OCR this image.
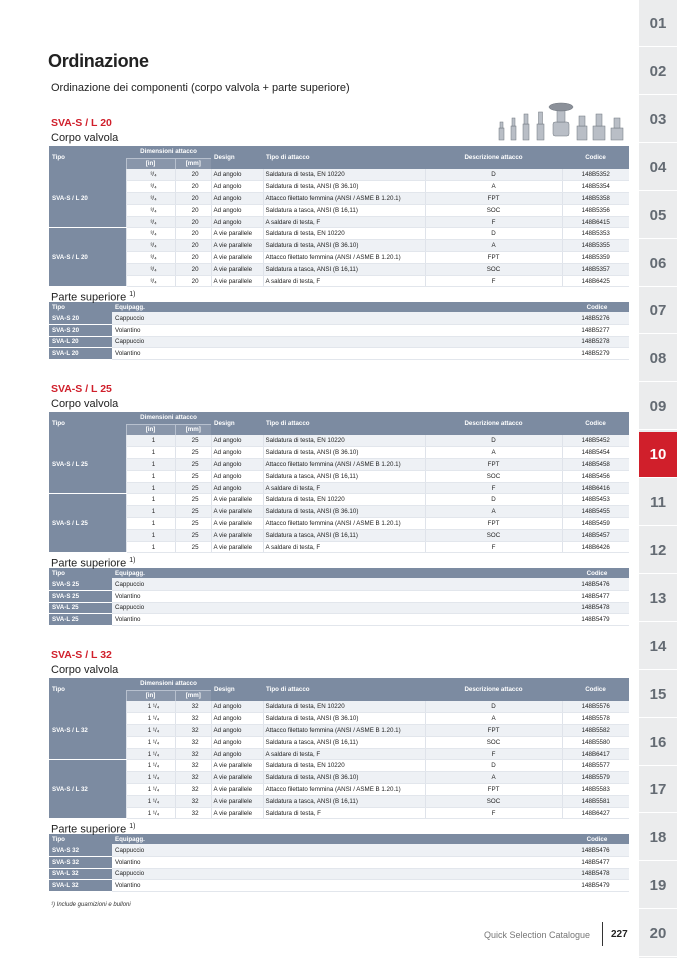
Ordinazione
Ordinazione dei componenti (corpo valvola + parte superiore)
SVA-S / L 20
Corpo valvola
Tipo	Dimensioni attacco		Design	Tipo di attacco	Descrizione attacco	Codice
	[in]	[mm]				
SVA-S / L 20	³/₄	20	Ad angolo	Saldatura di testa, EN 10220	D	148B5352
	³/₄	20	Ad angolo	Saldatura di testa, ANSI (B 36.10)	A	148B5354
	³/₄	20	Ad angolo	Attacco filettato femmina (ANSI / ASME B 1.20.1)	FPT	148B5358
	³/₄	20	Ad angolo	Saldatura a tasca, ANSI (B 16,11)	SOC	148B5356
	³/₄	20	Ad angolo	A saldare di testa, F	F	148B6415
SVA-S / L 20	³/₄	20	A vie parallele	Saldatura di testa, EN 10220	D	148B5353
	³/₄	20	A vie parallele	Saldatura di testa, ANSI (B 36.10)	A	148B5355
	³/₄	20	A vie parallele	Attacco filettato femmina (ANSI / ASME B 1.20.1)	FPT	148B5359
	³/₄	20	A vie parallele	Saldatura a tasca, ANSI (B 16,11)	SOC	148B5357
	³/₄	20	A vie parallele	A saldare di testa, F	F	148B6425
Parte superiore $^{1)}$
Tipo	Equipagg.	Codice
SVA-S 20	Cappuccio	148B5276
SVA-S 20	Volantino	148B5277
SVA-L 20	Cappuccio	148B5278
SVA-L 20	Volantino	148B5279
SVA-S / L 25
Corpo valvola
Tipo	Dimensioni attacco		Design	Tipo di attacco	Descrizione attacco	Codice
	[in]	[mm]				
SVA-S / L 25	1	25	Ad angolo	Saldatura di testa, EN 10220	D	148B5452
	1	25	Ad angolo	Saldatura di testa, ANSI (B 36.10)	A	148B5454
	1	25	Ad angolo	Attacco filettato femmina (ANSI / ASME B 1.20.1)	FPT	148B5458
	1	25	Ad angolo	Saldatura a tasca, ANSI (B 16,11)	SOC	148B5456
	1	25	Ad angolo	A saldare di testa, F	F	148B6416
SVA-S / L 25	1	25	A vie parallele	Saldatura di testa, EN 10220	D	148B5453
	1	25	A vie parallele	Saldatura di testa, ANSI (B 36.10)	A	148B5455
	1	25	A vie parallele	Attacco filettato femmina (ANSI / ASME B 1.20.1)	FPT	148B5459
	1	25	A vie parallele	Saldatura a tasca, ANSI (B 16,11)	SOC	148B5457
	1	25	A vie parallele	A saldare di testa, F	F	148B6426
Parte superiore $^{1)}$
Tipo	Equipagg.	Codice
SVA-S 25	Cappuccio	148B5476
SVA-S 25	Volantino	148B5477
SVA-L 25	Cappuccio	148B5478
SVA-L 25	Volantino	148B5479
SVA-S / L 32
Corpo valvola
Tipo	Dimensioni attacco		Design	Tipo di attacco	Descrizione attacco	Codice
	[in]	[mm]				
SVA-S / L 32	1 ¹/₄	32	Ad angolo	Saldatura di testa, EN 10220	D	148B5576
	1 ¹/₄	32	Ad angolo	Saldatura di testa, ANSI (B 36.10)	A	148B5578
	1 ¹/₄	32	Ad angolo	Attacco filettato femmina (ANSI / ASME B 1.20.1)	FPT	148B5582
	1 ¹/₄	32	Ad angolo	Saldatura a tasca, ANSI (B 16,11)	SOC	148B5580
	1 ¹/₄	32	Ad angolo	A saldare di testa, F	F	148B6417
SVA-S / L 32	1 ¹/₄	32	A vie parallele	Saldatura di testa, EN 10220	D	148B5577
	1 ¹/₄	32	A vie parallele	Saldatura di testa, ANSI (B 36.10)	A	148B5579
	1 ¹/₄	32	A vie parallele	Attacco filettato femmina (ANSI / ASME B 1.20.1)	FPT	148B5583
	1 ¹/₄	32	A vie parallele	Saldatura a tasca, ANSI (B 16,11)	SOC	148B5581
	1 ¹/₄	32	A vie parallele	Saldatura di testa, F	F	148B6427
Parte superiore $^{1)}$
Tipo	Equipagg.	Codice
SVA-S 32	Cappuccio	148B5476
SVA-S 32	Volantino	148B5477
SVA-L 32	Cappuccio	148B5478
SVA-L 32	Volantino	148B5479
¹) Include guarnizioni e bulloni
Quick Selection Catalogue 227
01
02
03
04
05
06
07
08
09
10
11
12
13
14
15
16
17
18
19
20
